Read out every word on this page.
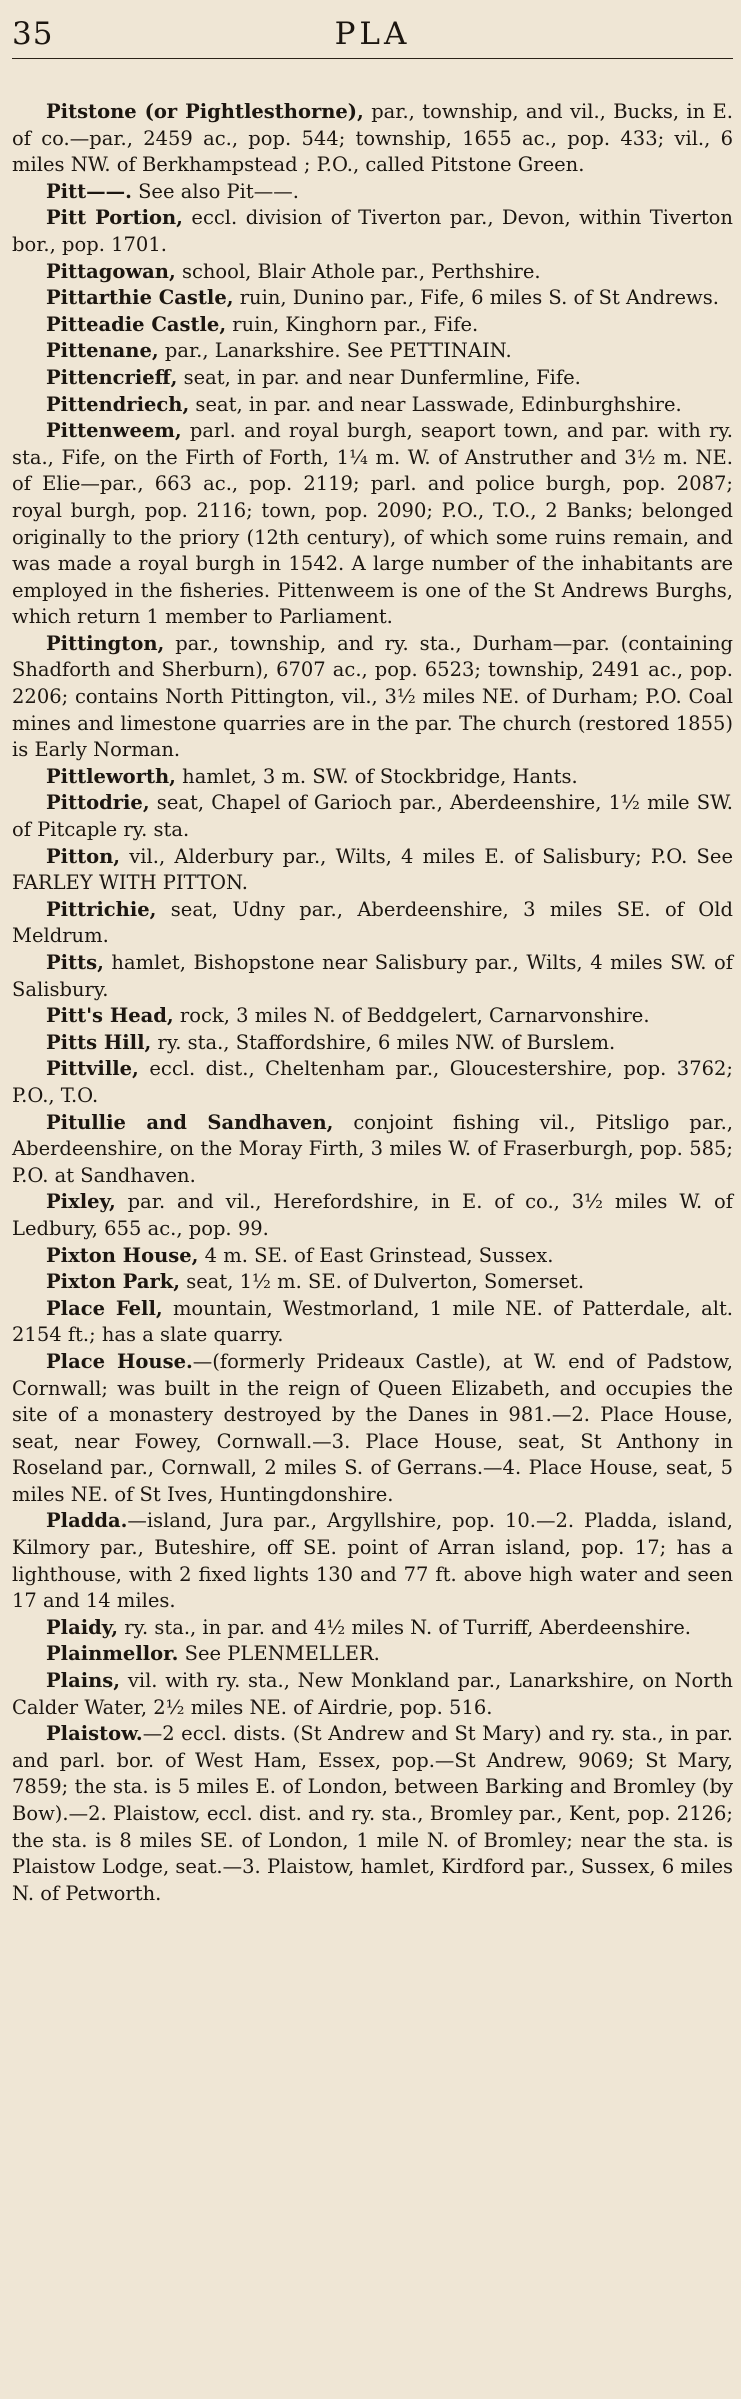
35	PLA

Pitstone (or Pightlesthorne), par., township, and vil., Bucks, in E. of co.—par., 2459 ac., pop. 544; township, 1655 ac., pop. 433; vil., 6 miles NW. of Berkhampstead ; P.O., called Pitstone Green.

Pitt——. See also Pit——.

Pitt Portion, eccl. division of Tiverton par., Devon, within Tiverton bor., pop. 1701.

Pittagowan, school, Blair Athole par., Perthshire.

Pittarthie Castle, ruin, Dunino par., Fife, 6 miles S. of St Andrews.

Pitteadie Castle, ruin, Kinghorn par., Fife.

Pittenane, par., Lanarkshire. See PETTINAIN.

Pittencrieff, seat, in par. and near Dunfermline, Fife.

Pittendriech, seat, in par. and near Lasswade, Edinburghshire.

Pittenweem, parl. and royal burgh, seaport town, and par. with ry. sta., Fife, on the Firth of Forth, 1¼ m. W. of Anstruther and 3½ m. NE. of Elie—par., 663 ac., pop. 2119; parl. and police burgh, pop. 2087; royal burgh, pop. 2116; town, pop. 2090; P.O., T.O., 2 Banks; belonged originally to the priory (12th century), of which some ruins remain, and was made a royal burgh in 1542. A large number of the inhabitants are employed in the fisheries. Pittenweem is one of the St Andrews Burghs, which return 1 member to Parliament.

Pittington, par., township, and ry. sta., Durham—par. (containing Shadforth and Sherburn), 6707 ac., pop. 6523; township, 2491 ac., pop. 2206; contains North Pittington, vil., 3½ miles NE. of Durham; P.O. Coal mines and limestone quarries are in the par. The church (restored 1855) is Early Norman.

Pittleworth, hamlet, 3 m. SW. of Stockbridge, Hants.

Pittodrie, seat, Chapel of Garioch par., Aberdeenshire, 1½ mile SW. of Pitcaple ry. sta.

Pitton, vil., Alderbury par., Wilts, 4 miles E. of Salisbury; P.O. See FARLEY WITH PITTON.

Pittrichie, seat, Udny par., Aberdeenshire, 3 miles SE. of Old Meldrum.

Pitts, hamlet, Bishopstone near Salisbury par., Wilts, 4 miles SW. of Salisbury.

Pitt's Head, rock, 3 miles N. of Beddgelert, Carnarvonshire.

Pitts Hill, ry. sta., Staffordshire, 6 miles NW. of Burslem.

Pittville, eccl. dist., Cheltenham par., Gloucestershire, pop. 3762; P.O., T.O.

Pitullie and Sandhaven, conjoint fishing vil., Pitsligo par., Aberdeenshire, on the Moray Firth, 3 miles W. of Fraserburgh, pop. 585; P.O. at Sandhaven.

Pixley, par. and vil., Herefordshire, in E. of co., 3½ miles W. of Ledbury, 655 ac., pop. 99.

Pixton House, 4 m. SE. of East Grinstead, Sussex.

Pixton Park, seat, 1½ m. SE. of Dulverton, Somerset.

Place Fell, mountain, Westmorland, 1 mile NE. of Patterdale, alt. 2154 ft.; has a slate quarry.

Place House.—(formerly Prideaux Castle), at W. end of Padstow, Cornwall; was built in the reign of Queen Elizabeth, and occupies the site of a monastery destroyed by the Danes in 981.—2. Place House, seat, near Fowey, Cornwall.—3. Place House, seat, St Anthony in Roseland par., Cornwall, 2 miles S. of Gerrans.—4. Place House, seat, 5 miles NE. of St Ives, Huntingdonshire.

Pladda.—island, Jura par., Argyllshire, pop. 10.—2. Pladda, island, Kilmory par., Buteshire, off SE. point of Arran island, pop. 17; has a lighthouse, with 2 fixed lights 130 and 77 ft. above high water and seen 17 and 14 miles.

Plaidy, ry. sta., in par. and 4½ miles N. of Turriff, Aberdeenshire.

Plainmellor. See PLENMELLER.

Plains, vil. with ry. sta., New Monkland par., Lanarkshire, on North Calder Water, 2½ miles NE. of Airdrie, pop. 516.

Plaistow.—2 eccl. dists. (St Andrew and St Mary) and ry. sta., in par. and parl. bor. of West Ham, Essex, pop.—St Andrew, 9069; St Mary, 7859; the sta. is 5 miles E. of London, between Barking and Bromley (by Bow).—2. Plaistow, eccl. dist. and ry. sta., Bromley par., Kent, pop. 2126; the sta. is 8 miles SE. of London, 1 mile N. of Bromley; near the sta. is Plaistow Lodge, seat.—3. Plaistow, hamlet, Kirdford par., Sussex, 6 miles N. of Petworth.
